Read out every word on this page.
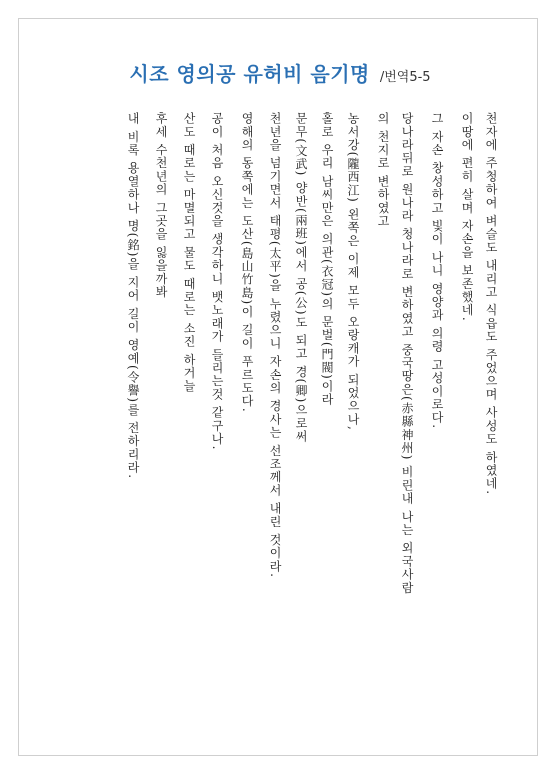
시조 영의공 유허비 음기명 /번역5-5
천자에 주청하여 벼슬도 내리고 식읍도 주었으며 사성도 하였네.
이땅에 편히 살며 자손을 보존했네.
그 자손 창성하고 빛이 나니 영양과 의령 고성이로다.
당나라뒤로 원나라 청나라로 변하였고 중국땅은(赤縣神州) 비린내 나는 외국사람
의 천지로 변하였고
농서강(隴西江) 왼쪽은 이제 모두 오랑캐가 되었으나,
홀로 우리 남씨만은 의관(衣冠)의 문벌(門閥)이라
문무(文武) 양반(兩班)에서 공(公)도 되고 경(卿)으로써
천년을 넘기면서 태평(太平)을 누렸으니 자손의 경사는 선조께서 내린 것이라.
영해의 동쪽에는 도산(島山竹島)이 길이 푸르도다.
공이 처음 오신것을 생각하니 뱃노래가 들리는것 같구나.
산도 때로는 마멸되고 물도 때로는 소진 하거늘
후세 수천년의 그곳을 잃을까봐
내 비록 용열하나 명(銘)을 지어 길이 영예(令譽)를 전하리라.
